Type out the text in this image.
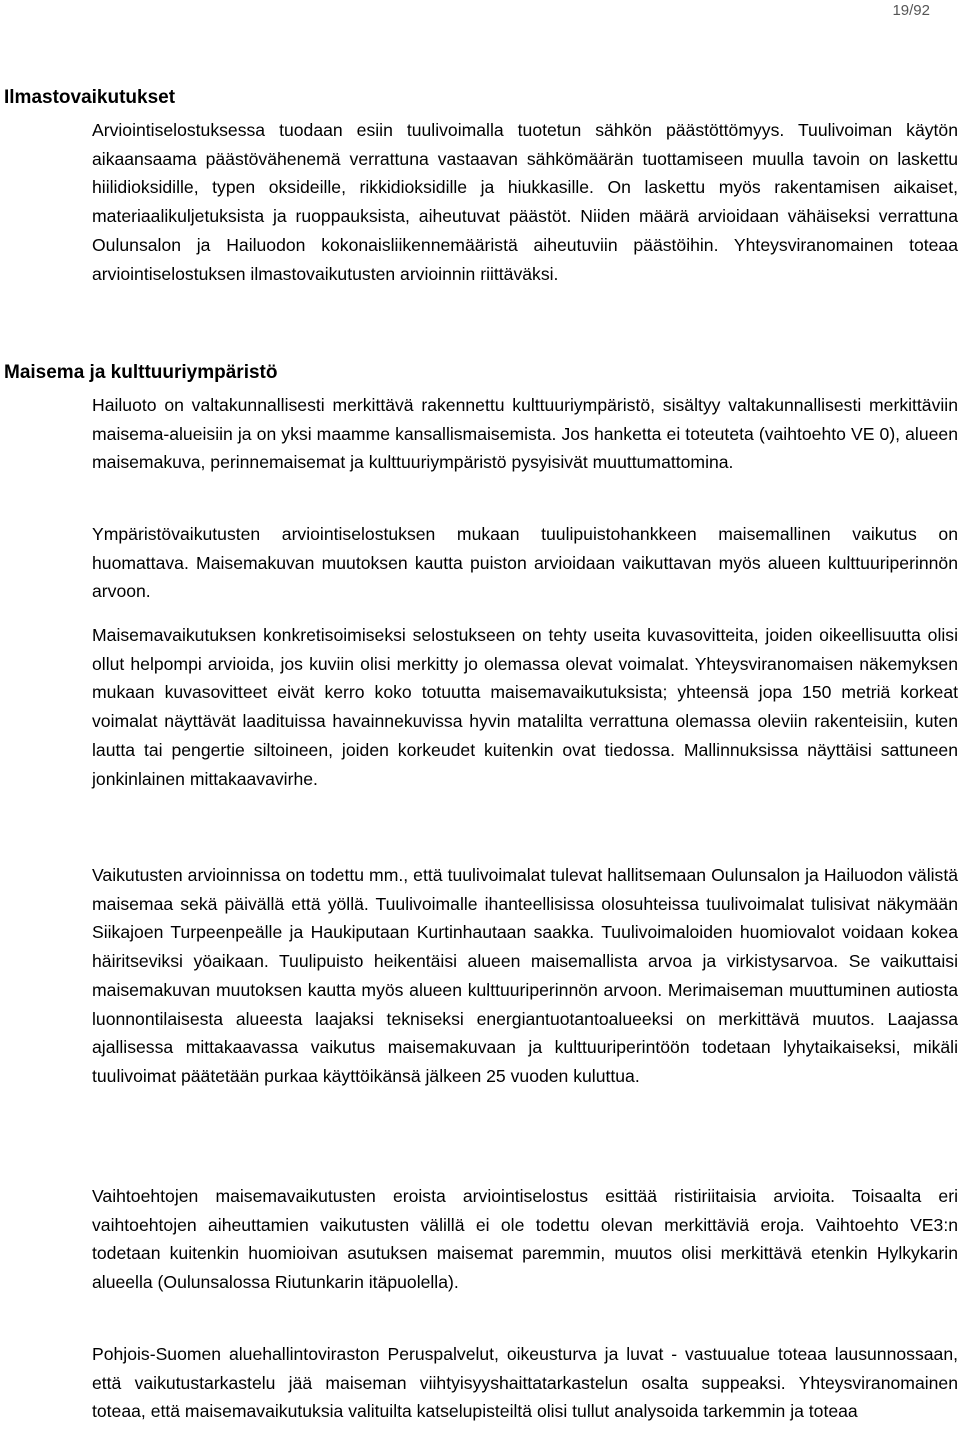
19/92
Ilmastovaikutukset

Arviointiselostuksessa tuodaan esiin tuulivoimalla tuotetun sähkön päästöttömyys. Tuulivoiman käytön aikaansaama päästövähenemä verrattuna vastaavan sähkömäärän tuottamiseen muulla tavoin on laskettu hiilidioksidille, typen oksideille, rikkidioksidille ja hiukkasille. On laskettu myös rakentamisen aikaiset, materiaalikuljetuksista ja ruoppauksista, aiheutuvat päästöt. Niiden määrä arvioidaan vähäiseksi verrattuna Oulunsalon ja Hailuodon kokonaisliikennemääristä aiheutuviin päästöihin. Yhteysviranomainen toteaa arviointiselostuksen ilmastovaikutusten arvioinnin riittäväksi.

Maisema ja kulttuuriympäristö

Hailuoto on valtakunnallisesti merkittävä rakennettu kulttuuriympäristö, sisältyy valtakunnallisesti merkittäviin maisema-alueisiin ja on yksi maamme kansallismaisemista. Jos hanketta ei toteuteta (vaihtoehto VE 0), alueen maisemakuva, perinnemaisemat ja kulttuuriympäristö pysyisivät muuttumattomina.

Ympäristövaikutusten arviointiselostuksen mukaan tuulipuistohankkeen maisemallinen vaikutus on huomattava. Maisemakuvan muutoksen kautta puiston arvioidaan vaikuttavan myös alueen kulttuuriperinnön arvoon.

Maisemavaikutuksen konkretisoimiseksi selostukseen on tehty useita kuvasovitteita, joiden oikeellisuutta olisi ollut helpompi arvioida, jos kuviin olisi merkitty jo olemassa olevat voimalat. Yhteysviranomaisen näkemyksen mukaan kuvasovitteet eivät kerro koko totuutta maisemavaikutuksista; yhteensä jopa 150 metriä korkeat voimalat näyttävät laadituissa havainnekuvissa hyvin matalilta verrattuna olemassa oleviin rakenteisiin, kuten lautta tai pengertie siltoineen, joiden korkeudet kuitenkin ovat tiedossa. Mallinnuksissa näyttäisi sattuneen jonkinlainen mittakaavavirhe.

Vaikutusten arvioinnissa on todettu mm., että tuulivoimalat tulevat hallitsemaan Oulunsalon ja Hailuodon välistä maisemaa sekä päivällä että yöllä. Tuulivoimalle ihanteellisissa olosuhteissa tuulivoimalat tulisivat näkymään Siikajoen Turpeenpeälle ja Haukiputaan Kurtinhautaan saakka. Tuulivoimaloiden huomiovalot voidaan kokea häiritseviksi yöaikaan. Tuulipuisto heikentäisi alueen maisemallista arvoa ja virkistysarvoa. Se vaikuttaisi maisemakuvan muutoksen kautta myös alueen kulttuuriperinnön arvoon. Merimaiseman muuttuminen autiosta luonnontilaisesta alueesta laajaksi tekniseksi energiantuotantoalueeksi on merkittävä muutos. Laajassa ajallisessa mittakaavassa vaikutus maisemakuvaan ja kulttuuriperintöön todetaan lyhytaikaiseksi, mikäli tuulivoimat päätetään purkaa käyttöikänsä jälkeen 25 vuoden kuluttua.

Vaihtoehtojen maisemavaikutusten eroista arviointiselostus esittää ristiriitaisia arvioita. Toisaalta eri vaihtoehtojen aiheuttamien vaikutusten välillä ei ole todettu olevan merkittäviä eroja. Vaihtoehto VE3:n todetaan kuitenkin huomioivan asutuksen maisemat paremmin, muutos olisi merkittävä etenkin Hylkykarin alueella (Oulunsalossa Riutunkarin itäpuolella).

Pohjois-Suomen aluehallintoviraston Peruspalvelut, oikeusturva ja luvat - vastuualue toteaa lausunnossaan, että vaikutustarkastelu jää maiseman viihtyisyyshaittatarkastelun osalta suppeaksi. Yhteysviranomainen toteaa, että maisemavaikutuksia valituilta katselupisteiltä olisi tullut analysoida tarkemmin ja toteaa
